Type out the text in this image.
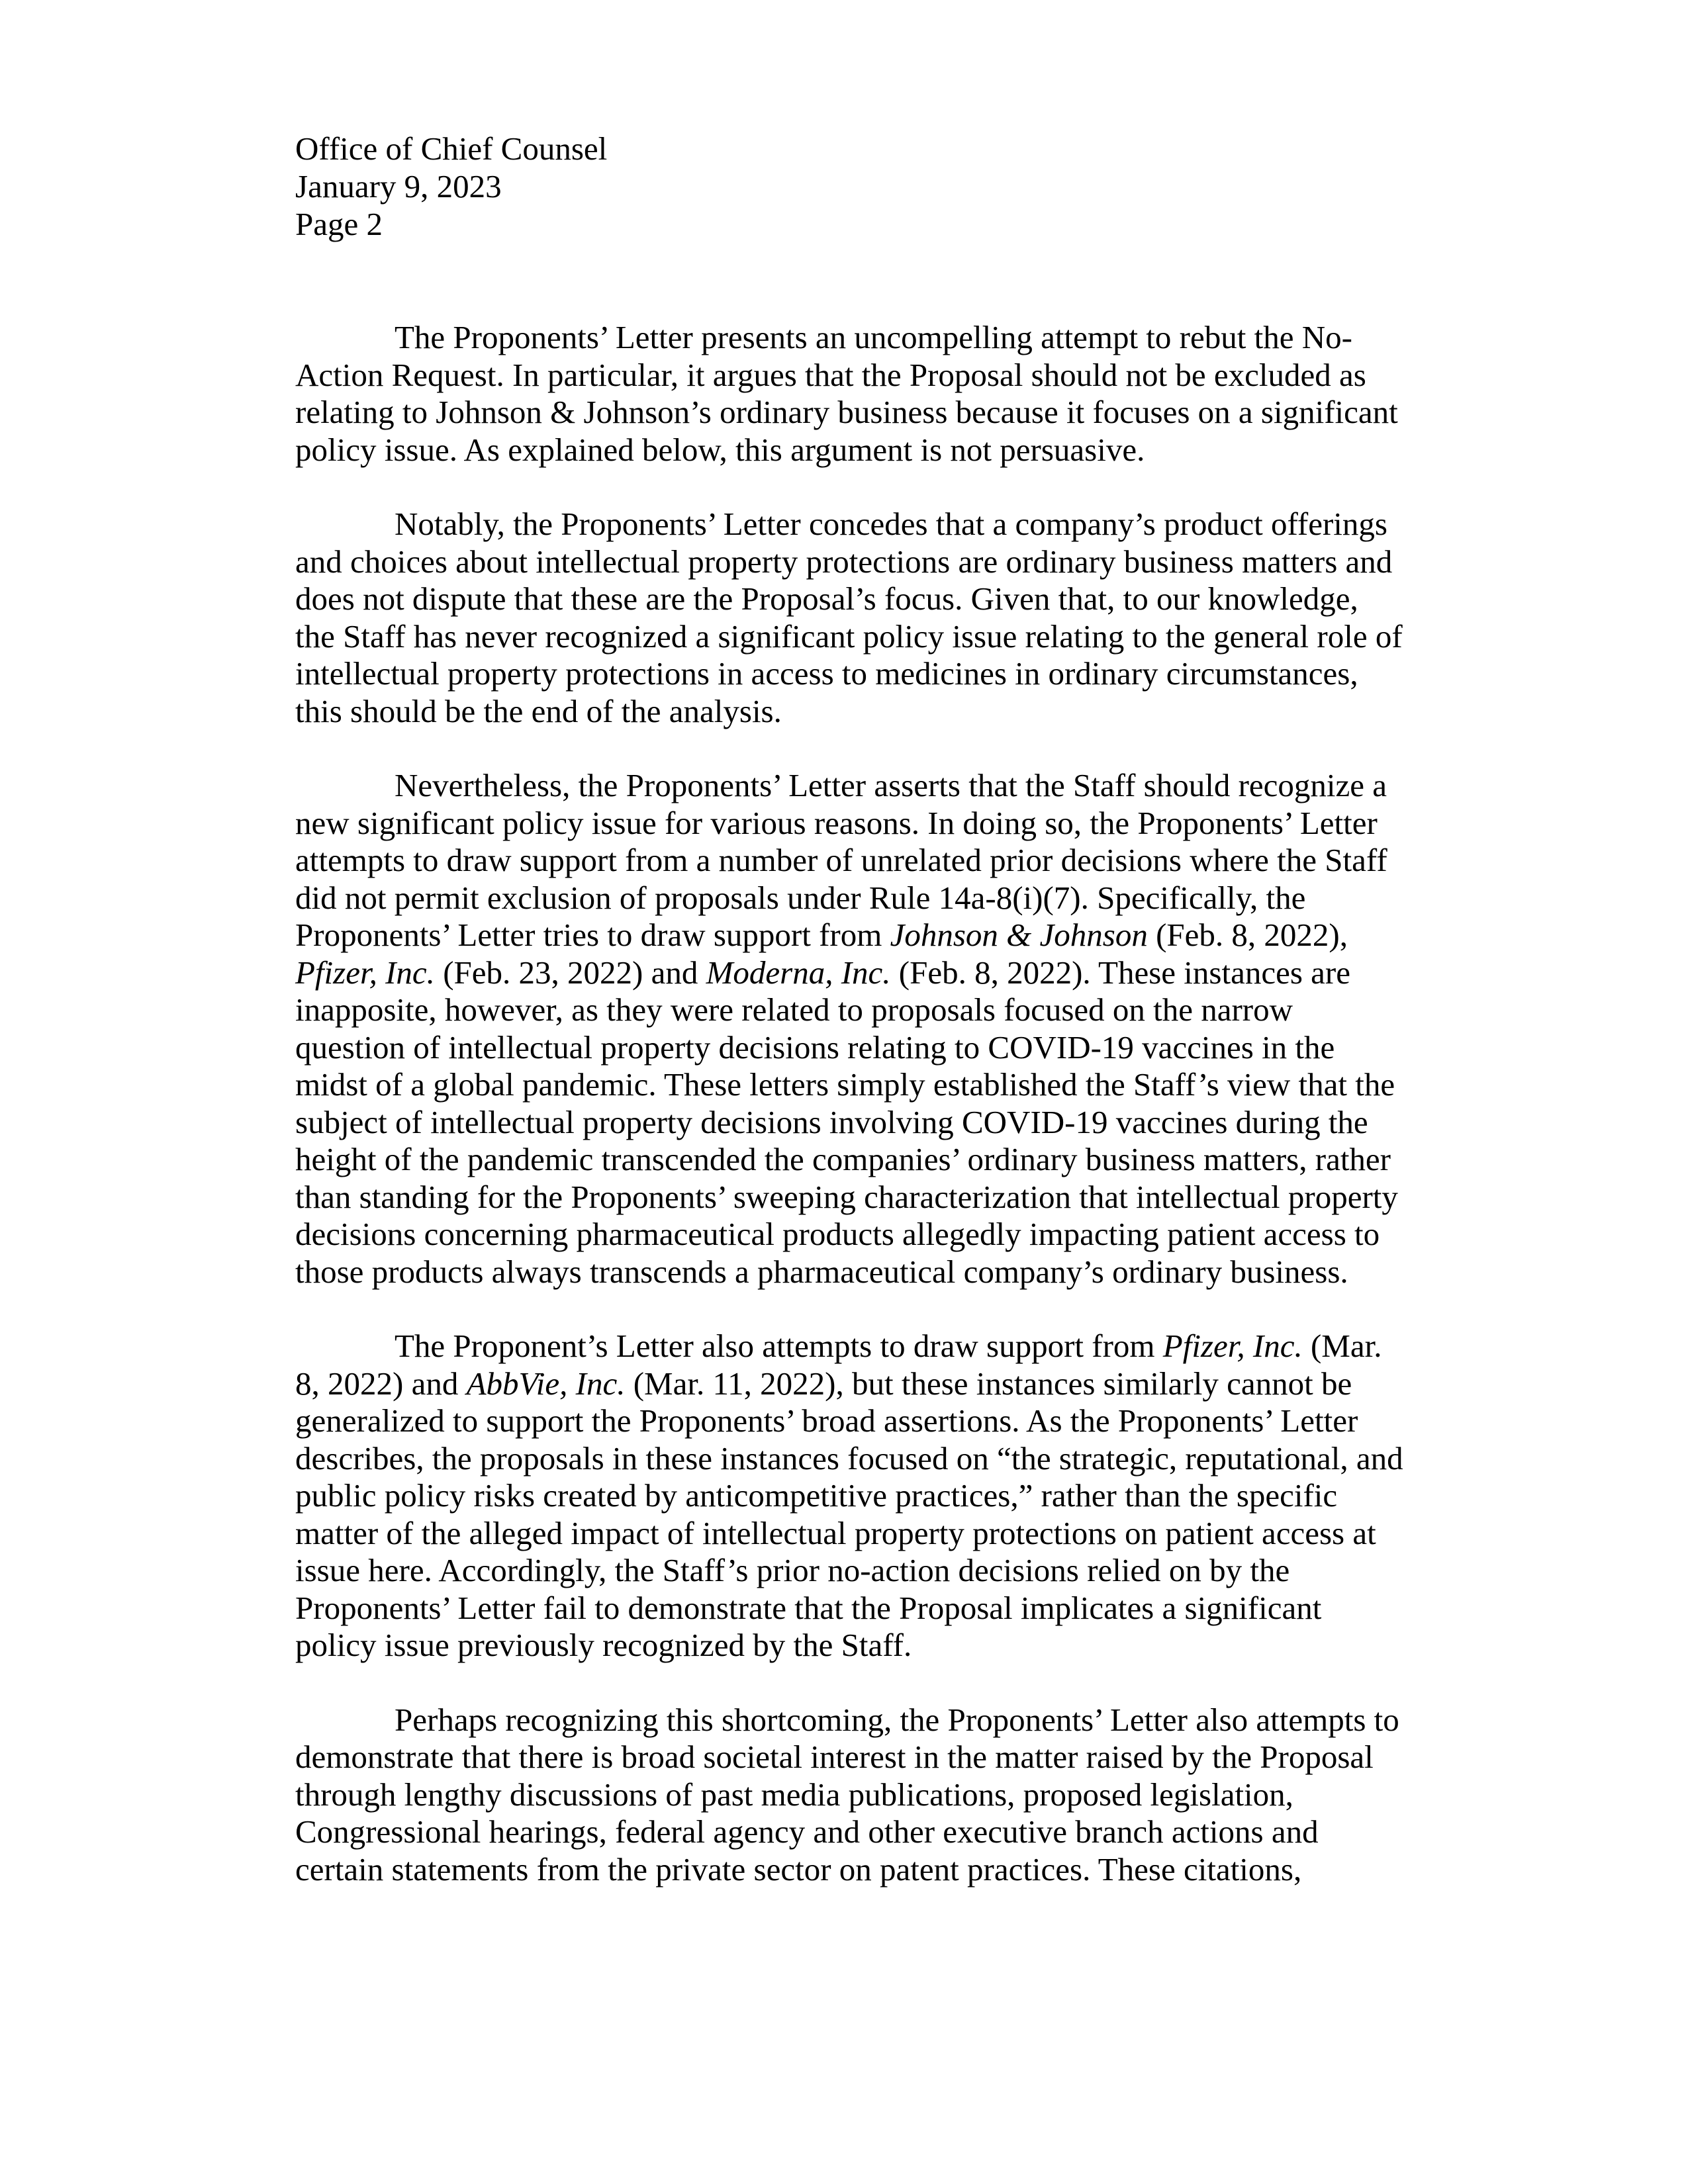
Office of Chief Counsel
January 9, 2023
Page 2
The Proponents’ Letter presents an uncompelling attempt to rebut the No-
Action Request. In particular, it argues that the Proposal should not be excluded as
relating to Johnson & Johnson’s ordinary business because it focuses on a significant
policy issue. As explained below, this argument is not persuasive.
Notably, the Proponents’ Letter concedes that a company’s product offerings
and choices about intellectual property protections are ordinary business matters and
does not dispute that these are the Proposal’s focus. Given that, to our knowledge,
the Staff has never recognized a significant policy issue relating to the general role of
intellectual property protections in access to medicines in ordinary circumstances,
this should be the end of the analysis.
Nevertheless, the Proponents’ Letter asserts that the Staff should recognize a
new significant policy issue for various reasons. In doing so, the Proponents’ Letter
attempts to draw support from a number of unrelated prior decisions where the Staff
did not permit exclusion of proposals under Rule 14a-8(i)(7). Specifically, the
Proponents’ Letter tries to draw support from Johnson & Johnson (Feb. 8, 2022),
Pfizer, Inc. (Feb. 23, 2022) and Moderna, Inc. (Feb. 8, 2022). These instances are
inapposite, however, as they were related to proposals focused on the narrow
question of intellectual property decisions relating to COVID-19 vaccines in the
midst of a global pandemic. These letters simply established the Staff’s view that the
subject of intellectual property decisions involving COVID-19 vaccines during the
height of the pandemic transcended the companies’ ordinary business matters, rather
than standing for the Proponents’ sweeping characterization that intellectual property
decisions concerning pharmaceutical products allegedly impacting patient access to
those products always transcends a pharmaceutical company’s ordinary business.
The Proponent’s Letter also attempts to draw support from Pfizer, Inc. (Mar.
8, 2022) and AbbVie, Inc. (Mar. 11, 2022), but these instances similarly cannot be
generalized to support the Proponents’ broad assertions. As the Proponents’ Letter
describes, the proposals in these instances focused on “the strategic, reputational, and
public policy risks created by anticompetitive practices,” rather than the specific
matter of the alleged impact of intellectual property protections on patient access at
issue here. Accordingly, the Staff’s prior no-action decisions relied on by the
Proponents’ Letter fail to demonstrate that the Proposal implicates a significant
policy issue previously recognized by the Staff.
Perhaps recognizing this shortcoming, the Proponents’ Letter also attempts to
demonstrate that there is broad societal interest in the matter raised by the Proposal
through lengthy discussions of past media publications, proposed legislation,
Congressional hearings, federal agency and other executive branch actions and
certain statements from the private sector on patent practices. These citations,
